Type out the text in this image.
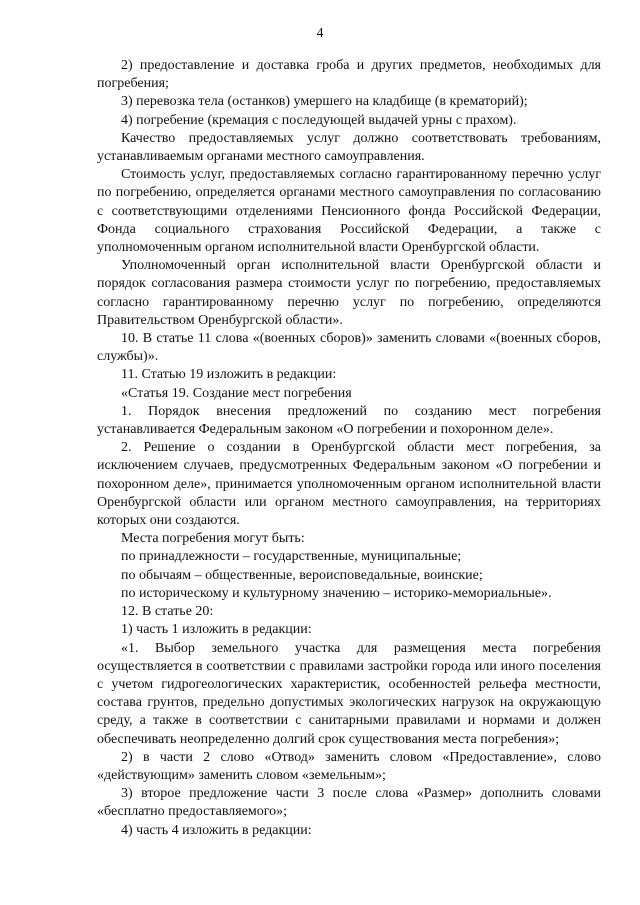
4

2) предоставление и доставка гроба и других предметов, необходимых для погребения;

3) перевозка тела (останков) умершего на кладбище (в крематорий);

4) погребение (кремация с последующей выдачей урны с прахом).

Качество предоставляемых услуг должно соответствовать требованиям, устанавливаемым органами местного самоуправления.

Стоимость услуг, предоставляемых согласно гарантированному перечню услуг по погребению, определяется органами местного самоуправления по согласованию с соответствующими отделениями Пенсионного фонда Российской Федерации, Фонда социального страхования Российской Федерации, а также с уполномоченным органом исполнительной власти Оренбургской области.

Уполномоченный орган исполнительной власти Оренбургской области и порядок согласования размера стоимости услуг по погребению, предоставляемых согласно гарантированному перечню услуг по погребению, определяются Правительством Оренбургской области».

10. В статье 11 слова «(военных сборов)» заменить словами «(военных сборов, службы)».

11. Статью 19 изложить в редакции:

«Статья 19. Создание мест погребения

1. Порядок внесения предложений по созданию мест погребения устанавливается Федеральным законом «О погребении и похоронном деле».

2. Решение о создании в Оренбургской области мест погребения, за исключением случаев, предусмотренных Федеральным законом «О погребении и похоронном деле», принимается уполномоченным органом исполнительной власти Оренбургской области или органом местного самоуправления, на территориях которых они создаются.

Места погребения могут быть:

по принадлежности – государственные, муниципальные;

по обычаям – общественные, вероисповедальные, воинские;

по историческому и культурному значению – историко-мемориальные».

12. В статье 20:

1) часть 1 изложить в редакции:

«1. Выбор земельного участка для размещения места погребения осуществляется в соответствии с правилами застройки города или иного поселения с учетом гидрогеологических характеристик, особенностей рельефа местности, состава грунтов, предельно допустимых экологических нагрузок на окружающую среду, а также в соответствии с санитарными правилами и нормами и должен обеспечивать неопределенно долгий срок существования места погребения»;

2) в части 2 слово «Отвод» заменить словом «Предоставление», слово «действующим» заменить словом «земельным»;

3) второе предложение части 3 после слова «Размер» дополнить словами «бесплатно предоставляемого»;

4) часть 4 изложить в редакции:
